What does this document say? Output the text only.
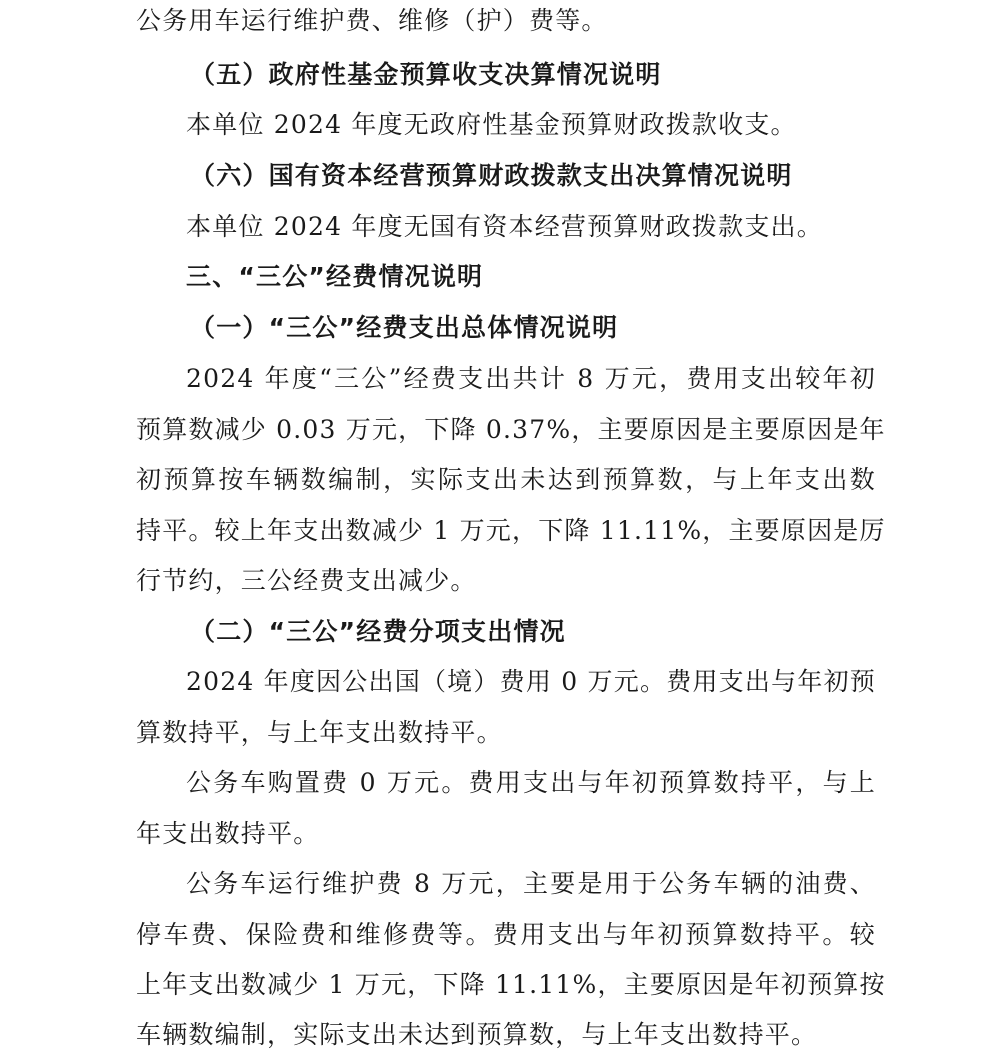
公务用车运行维护费、维修（护）费等。
（五）政府性基金预算收支决算情况说明
本单位 2024 年度无政府性基金预算财政拨款收支。
（六）国有资本经营预算财政拨款支出决算情况说明
本单位 2024 年度无国有资本经营预算财政拨款支出。
三、“三公”经费情况说明
（一）“三公”经费支出总体情况说明
2024 年度“三公”经费支出共计 8 万元，费用支出较年初
预算数减少 0.03 万元，下降 0.37%，主要原因是主要原因是年
初预算按车辆数编制，实际支出未达到预算数，与上年支出数
持平。较上年支出数减少 1 万元，下降 11.11%，主要原因是厉
行节约，三公经费支出减少。
（二）“三公”经费分项支出情况
2024 年度因公出国（境）费用 0 万元。费用支出与年初预
算数持平，与上年支出数持平。
公务车购置费 0 万元。费用支出与年初预算数持平，与上
年支出数持平。
公务车运行维护费 8 万元，主要是用于公务车辆的油费、
停车费、保险费和维修费等。费用支出与年初预算数持平。较
上年支出数减少 1 万元，下降 11.11%，主要原因是年初预算按
车辆数编制，实际支出未达到预算数，与上年支出数持平。
